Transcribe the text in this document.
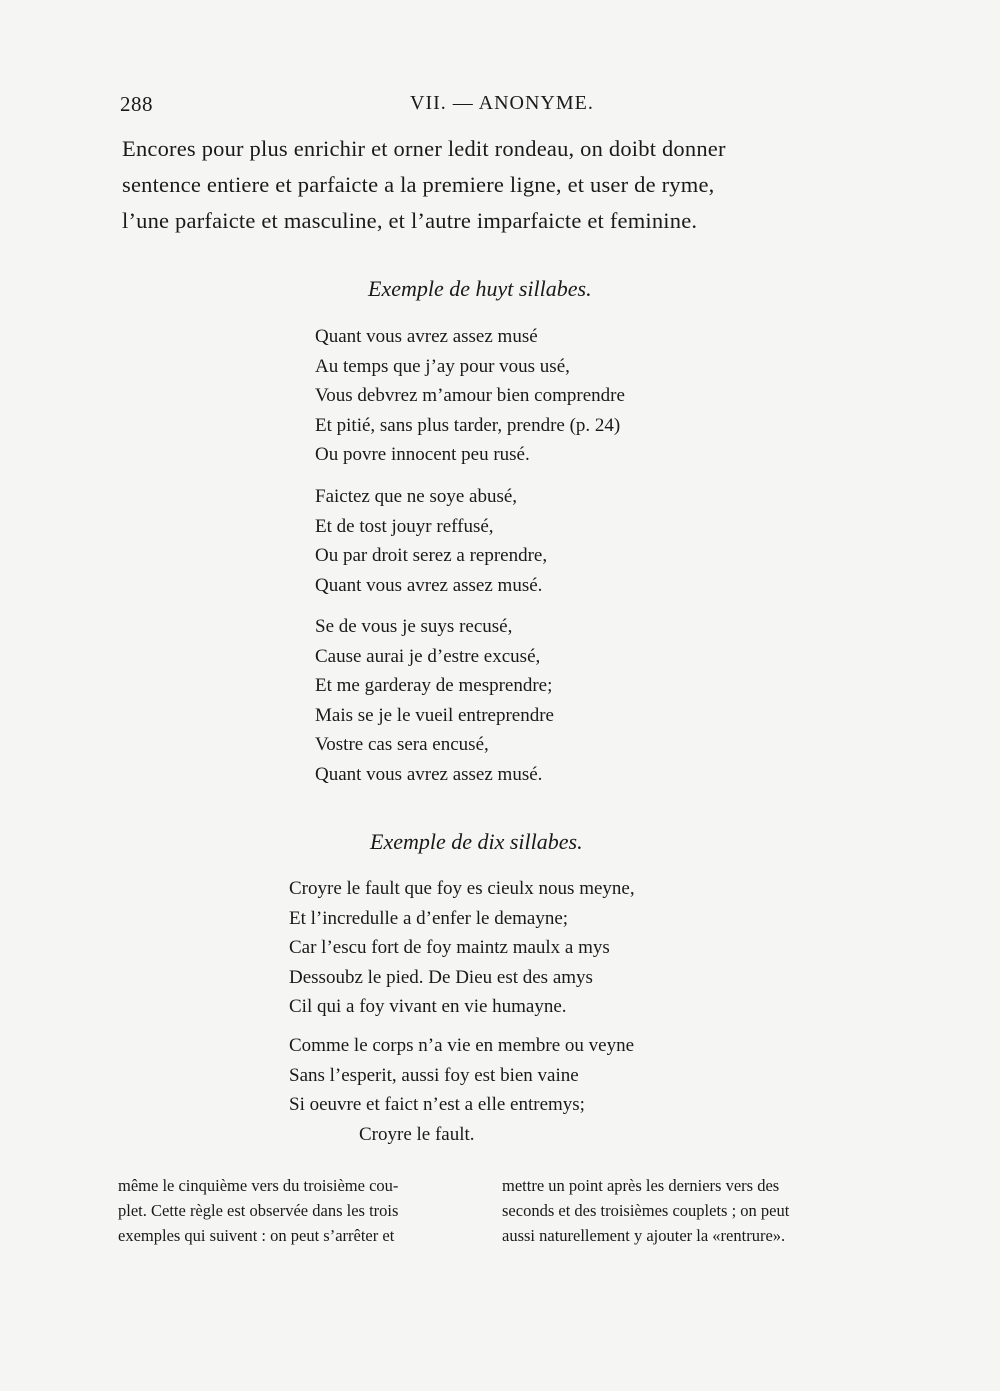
288	VII. — ANONYME.

Encores pour plus enrichir et orner ledit rondeau, on doibt donner

sentence entiere et parfaicte a la premiere ligne, et user de ryme,

l’une parfaicte et masculine, et l’autre imparfaicte et feminine.

Exemple de huyt sillabes.
Quant vous avrez assez musé
Au temps que j’ay pour vous usé,
Vous debvrez m’amour bien comprendre
Et pitié, sans plus tarder, prendre (p. 24)
Ou povre innocent peu rusé.
Faictez que ne soye abusé,
Et de tost jouyr reffusé,
Ou par droit serez a reprendre,
Quant vous avrez assez musé.
Se de vous je suys recusé,
Cause aurai je d’estre excusé,
Et me garderay de mesprendre;
Mais se je le vueil entreprendre
Vostre cas sera encusé,
Quant vous avrez assez musé.
Exemple de dix sillabes.
Croyre le fault que foy es cieulx nous meyne,
Et l’incredulle a d’enfer le demayne;
Car l’escu fort de foy maintz maulx a mys
Dessoubz le pied. De Dieu est des amys
Cil qui a foy vivant en vie humayne.
Comme le corps n’a vie en membre ou veyne
Sans l’esperit, aussi foy est bien vaine
Si oeuvre et faict n’est a elle entremys;
Croyre le fault.

même le cinquième vers du troisième cou-

plet. Cette règle est observée dans les trois

exemples qui suivent : on peut s’arrêter et

mettre un point après les derniers vers des

seconds et des troisièmes couplets ; on peut

aussi naturellement y ajouter la «rentrure».
